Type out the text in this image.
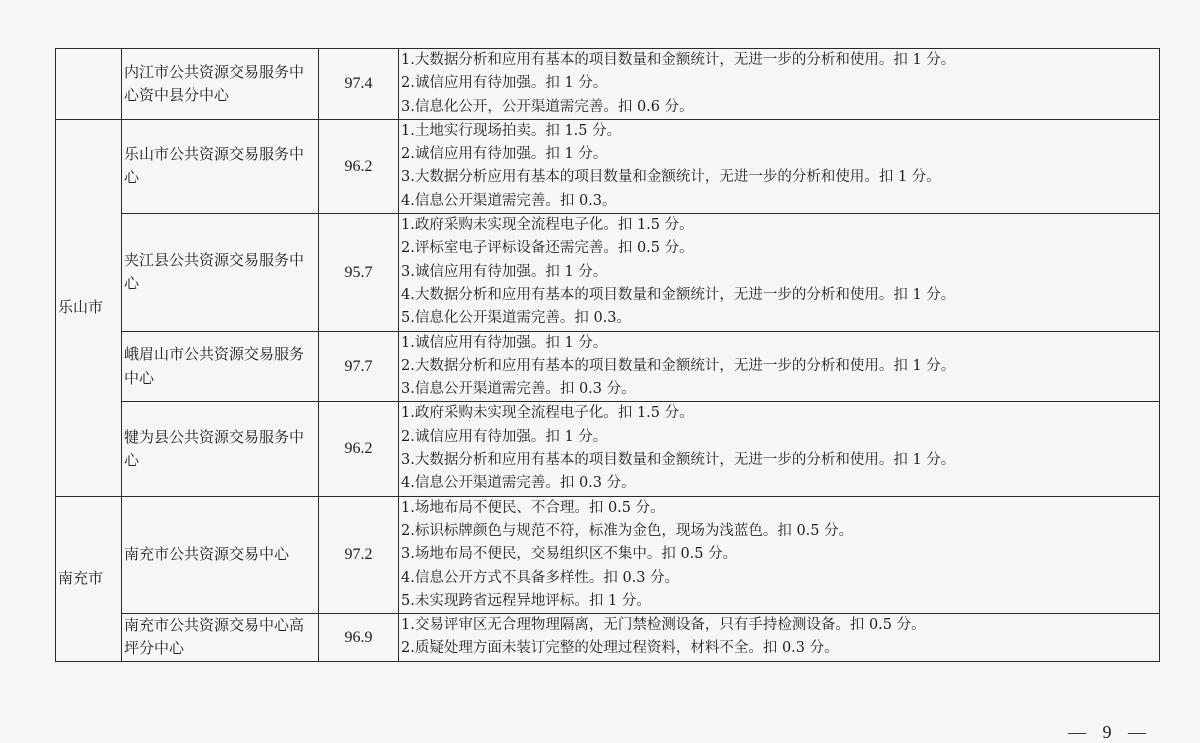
	内江市公共资源交易服务中心资中县分中心	97.4	1.大数据分析和应用有基本的项目数量和金额统计，无进一步的分析和使用。扣 1 分。
2.诚信应用有待加强。扣 1 分。
3.信息化公开，公开渠道需完善。扣 0.6 分。

乐山市	乐山市公共资源交易服务中心	96.2	1.土地实行现场拍卖。扣 1.5 分。
2.诚信应用有待加强。扣 1 分。
3.大数据分析应用有基本的项目数量和金额统计，无进一步的分析和使用。扣 1 分。
4.信息公开渠道需完善。扣 0.3。

	夹江县公共资源交易服务中心	95.7	1.政府采购未实现全流程电子化。扣 1.5 分。
2.评标室电子评标设备还需完善。扣 0.5 分。
3.诚信应用有待加强。扣 1 分。
4.大数据分析和应用有基本的项目数量和金额统计，无进一步的分析和使用。扣 1 分。
5.信息化公开渠道需完善。扣 0.3。

	峨眉山市公共资源交易服务中心	97.7	1.诚信应用有待加强。扣 1 分。
2.大数据分析和应用有基本的项目数量和金额统计，无进一步的分析和使用。扣 1 分。
3.信息公开渠道需完善。扣 0.3 分。

	犍为县公共资源交易服务中心	96.2	1.政府采购未实现全流程电子化。扣 1.5 分。
2.诚信应用有待加强。扣 1 分。
3.大数据分析和应用有基本的项目数量和金额统计，无进一步的分析和使用。扣 1 分。
4.信息公开渠道需完善。扣 0.3 分。

南充市	南充市公共资源交易中心	97.2	1.场地布局不便民、不合理。扣 0.5 分。
2.标识标牌颜色与规范不符，标准为金色，现场为浅蓝色。扣 0.5 分。
3.场地布局不便民，交易组织区不集中。扣 0.5 分。
4.信息公开方式不具备多样性。扣 0.3 分。
5.未实现跨省远程异地评标。扣 1 分。

	南充市公共资源交易中心高坪分中心	96.9	1.交易评审区无合理物理隔离，无门禁检测设备，只有手持检测设备。扣 0.5 分。
2.质疑处理方面未装订完整的处理过程资料，材料不全。扣 0.3 分。
— 9 —
